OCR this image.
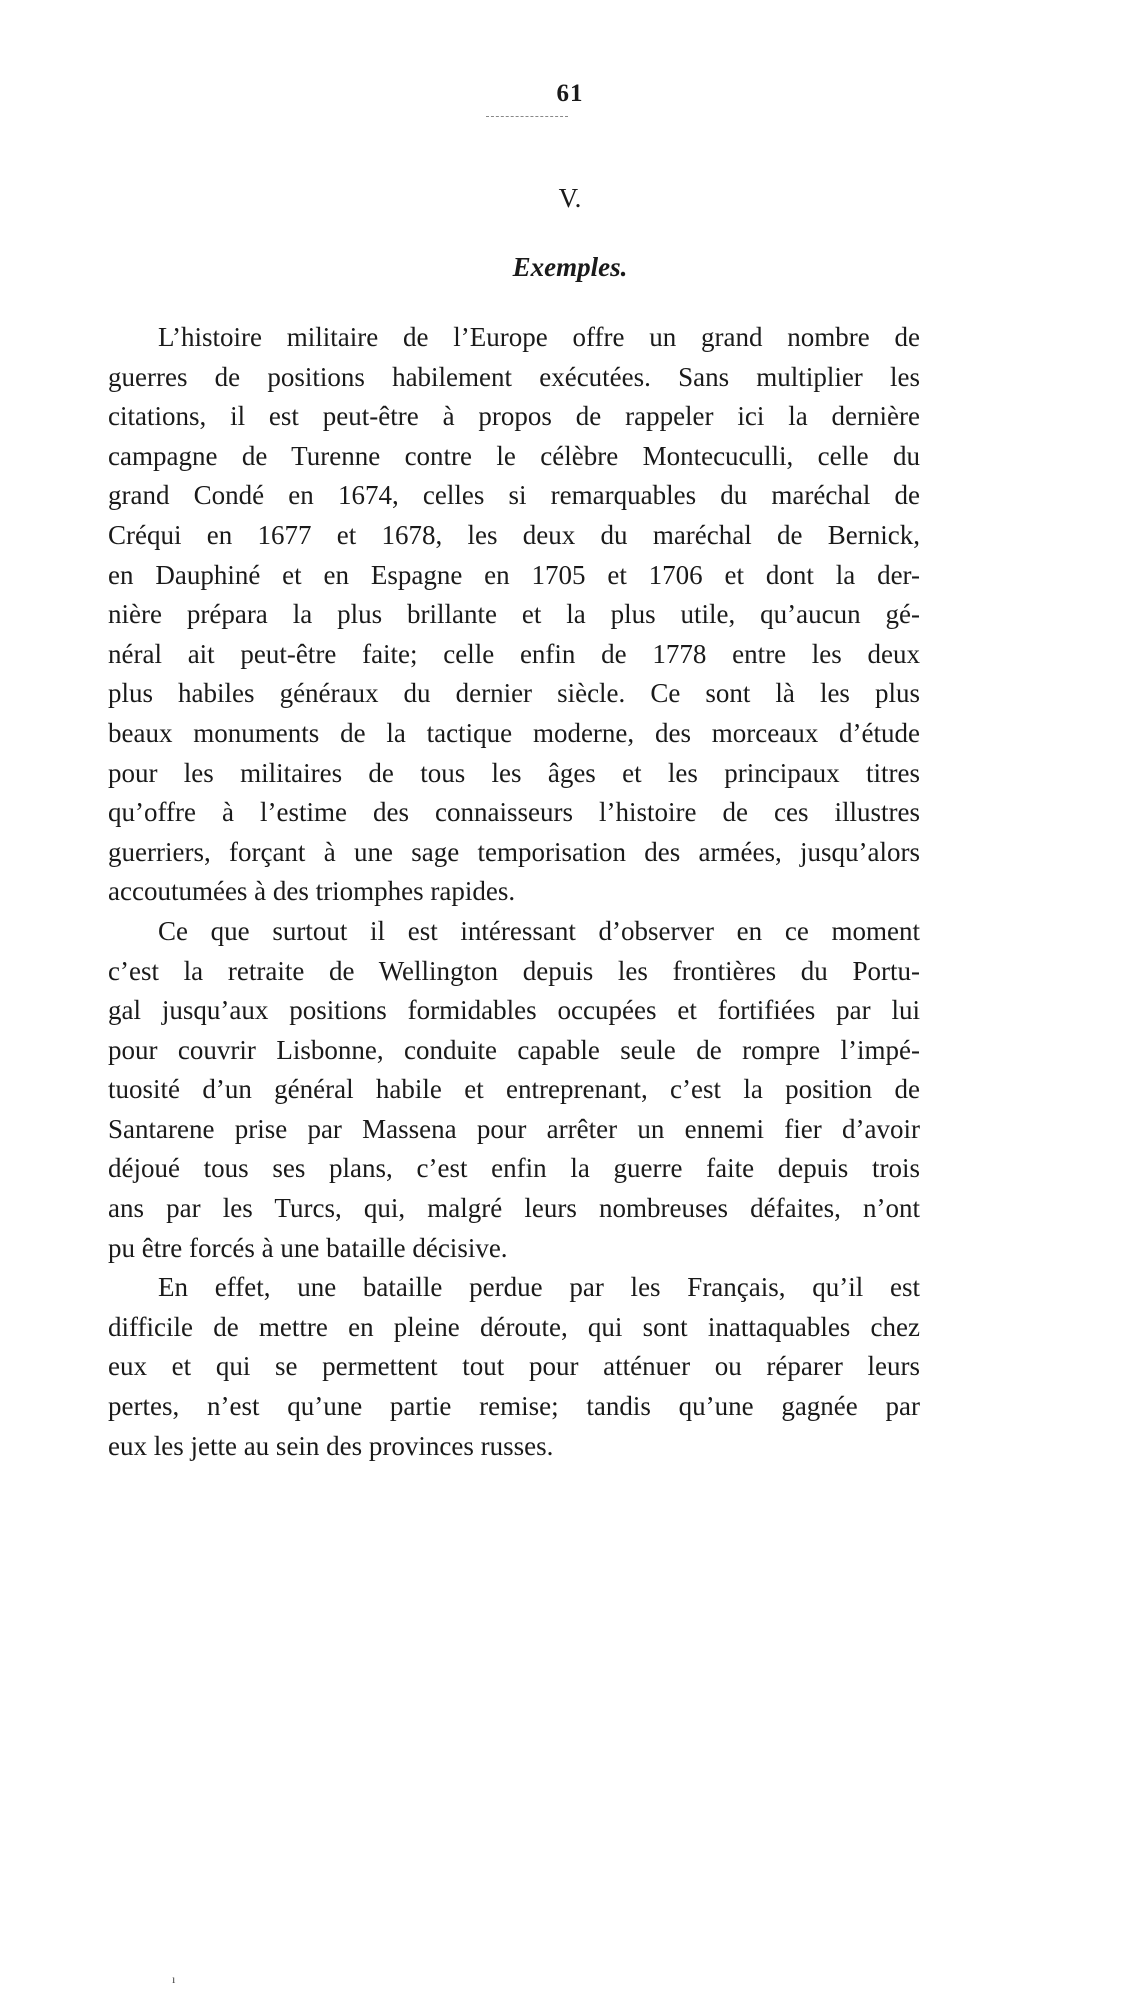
61
V.
Exemples.

L’histoire militaire de l’Europe offre un grand nombre de
guerres de positions habilement exécutées. Sans multiplier les
citations, il est peut-être à propos de rappeler ici la dernière
campagne de Turenne contre le célèbre Montecuculli, celle du
grand Condé en 1674, celles si remarquables du maréchal de
Créqui en 1677 et 1678, les deux du maréchal de Bernick,
en Dauphiné et en Espagne en 1705 et 1706 et dont la der-
nière prépara la plus brillante et la plus utile, qu’aucun gé-
néral ait peut-être faite; celle enfin de 1778 entre les deux
plus habiles généraux du dernier siècle. Ce sont là les plus
beaux monuments de la tactique moderne, des morceaux d’étude
pour les militaires de tous les âges et les principaux titres
qu’offre à l’estime des connaisseurs l’histoire de ces illustres
guerriers, forçant à une sage temporisation des armées, jusqu’alors
accoutumées à des triomphes rapides.

Ce que surtout il est intéressant d’observer en ce moment
c’est la retraite de Wellington depuis les frontières du Portu-
gal jusqu’aux positions formidables occupées et fortifiées par lui
pour couvrir Lisbonne, conduite capable seule de rompre l’impé-
tuosité d’un général habile et entreprenant, c’est la position de
Santarene prise par Massena pour arrêter un ennemi fier d’avoir
déjoué tous ses plans, c’est enfin la guerre faite depuis trois
ans par les Turcs, qui, malgré leurs nombreuses défaites, n’ont
pu être forcés à une bataille décisive.

En effet, une bataille perdue par les Français, qu’il est
difficile de mettre en pleine déroute, qui sont inattaquables chez
eux et qui se permettent tout pour atténuer ou réparer leurs
pertes, n’est qu’une partie remise; tandis qu’une gagnée par
eux les jette au sein des provinces russes.

ı
